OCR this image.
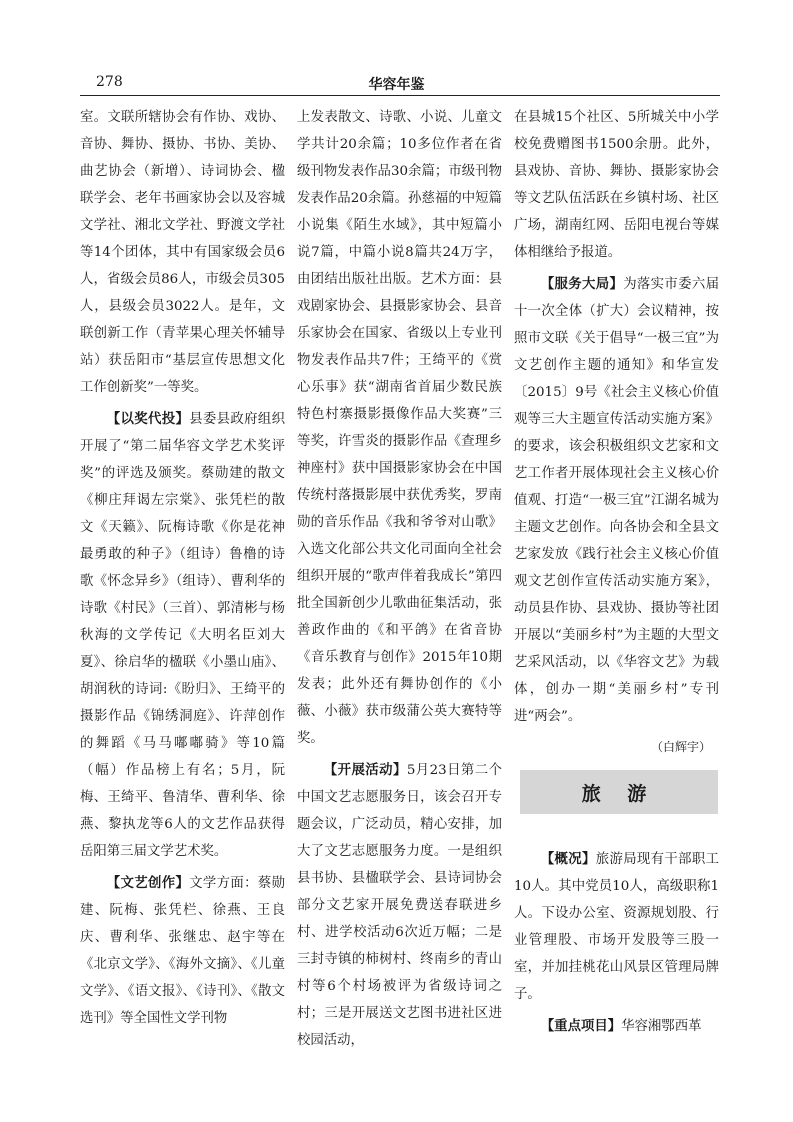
278	华容年鉴

室。文联所辖协会有作协、戏协、音协、舞协、摄协、书协、美协、曲艺协会（新增）、诗词协会、楹联学会、老年书画家协会以及容城文学社、湘北文学社、野渡文学社等14个团体，其中有国家级会员6人，省级会员86人，市级会员305人，县级会员3022人。是年，文联创新工作（青苹果心理关怀辅导站）获岳阳市“基层宣传思想文化工作创新奖”一等奖。

【以奖代投】县委县政府组织开展了“第二届华容文学艺术奖评奖”的评选及颁奖。蔡勋建的散文《柳庄拜谒左宗棠》、张凭栏的散文《天籁》、阮梅诗歌《你是花神最勇敢的种子》（组诗）鲁橹的诗歌《怀念异乡》（组诗）、曹利华的诗歌《村民》（三首）、郭清彬与杨秋海的文学传记《大明名臣刘大夏》、徐启华的楹联《小墨山庙》、胡润秋的诗词:《盼归》、王绮平的摄影作品《锦绣洞庭》、许萍创作的舞蹈《马马嘟嘟骑》等10篇（幅）作品榜上有名；5月，阮梅、王绮平、鲁清华、曹利华、徐燕、黎执龙等6人的文艺作品获得岳阳第三届文学艺术奖。

【文艺创作】文学方面：蔡勋建、阮梅、张凭栏、徐燕、王良庆、曹利华、张继忠、赵宇等在《北京文学》、《海外文摘》、《儿童文学》、《语文报》、《诗刊》、《散文选刊》等全国性文学刊物

上发表散文、诗歌、小说、儿童文学共计20余篇；10多位作者在省级刊物发表作品30余篇；市级刊物发表作品20余篇。孙慈福的中短篇小说集《陌生水域》，其中短篇小说7篇，中篇小说8篇共24万字，由团结出版社出版。艺术方面：县戏剧家协会、县摄影家协会、县音乐家协会在国家、省级以上专业刊物发表作品共7件；王绮平的《赏心乐事》获“湖南省首届少数民族特色村寨摄影摄像作品大奖赛”三等奖，许雪炎的摄影作品《查理乡神座村》获中国摄影家协会在中国传统村落摄影展中获优秀奖，罗南勋的音乐作品《我和爷爷对山歌》入选文化部公共文化司面向全社会组织开展的“歌声伴着我成长”第四批全国新创少儿歌曲征集活动，张善政作曲的《和平鸽》在省音协《音乐教育与创作》2015年10期发表；此外还有舞协创作的《小薇、小薇》获市级蒲公英大赛特等奖。

【开展活动】5月23日第二个中国文艺志愿服务日，该会召开专题会议，广泛动员，精心安排，加大了文艺志愿服务力度。一是组织县书协、县楹联学会、县诗词协会部分文艺家开展免费送春联进乡村、进学校活动6次近万幅；二是三封寺镇的柿树村、终南乡的青山村等6个村场被评为省级诗词之村；三是开展送文艺图书进社区进校园活动，

在县城15个社区、5所城关中小学校免费赠图书1500余册。此外，县戏协、音协、舞协、摄影家协会等文艺队伍活跃在乡镇村场、社区广场，湖南红网、岳阳电视台等媒体相继给予报道。

【服务大局】为落实市委六届十一次全体（扩大）会议精神，按照市文联《关于倡导“一极三宜”为文艺创作主题的通知》和华宣发〔2015〕9号《社会主义核心价值观等三大主题宣传活动实施方案》的要求，该会积极组织文艺家和文艺工作者开展体现社会主义核心价值观、打造“一极三宜”江湖名城为主题文艺创作。向各协会和全县文艺家发放《践行社会主义核心价值观文艺创作宣传活动实施方案》，动员县作协、县戏协、摄协等社团开展以“美丽乡村”为主题的大型文艺采风活动，以《华容文艺》为载体，创办一期“美丽乡村”专刊进“两会”。

（白辉宇）
旅 游

【概况】旅游局现有干部职工10人。其中党员10人，高级职称1人。下设办公室、资源规划股、行业管理股、市场开发股等三股一室，并加挂桃花山风景区管理局牌子。

【重点项目】华容湘鄂西革
